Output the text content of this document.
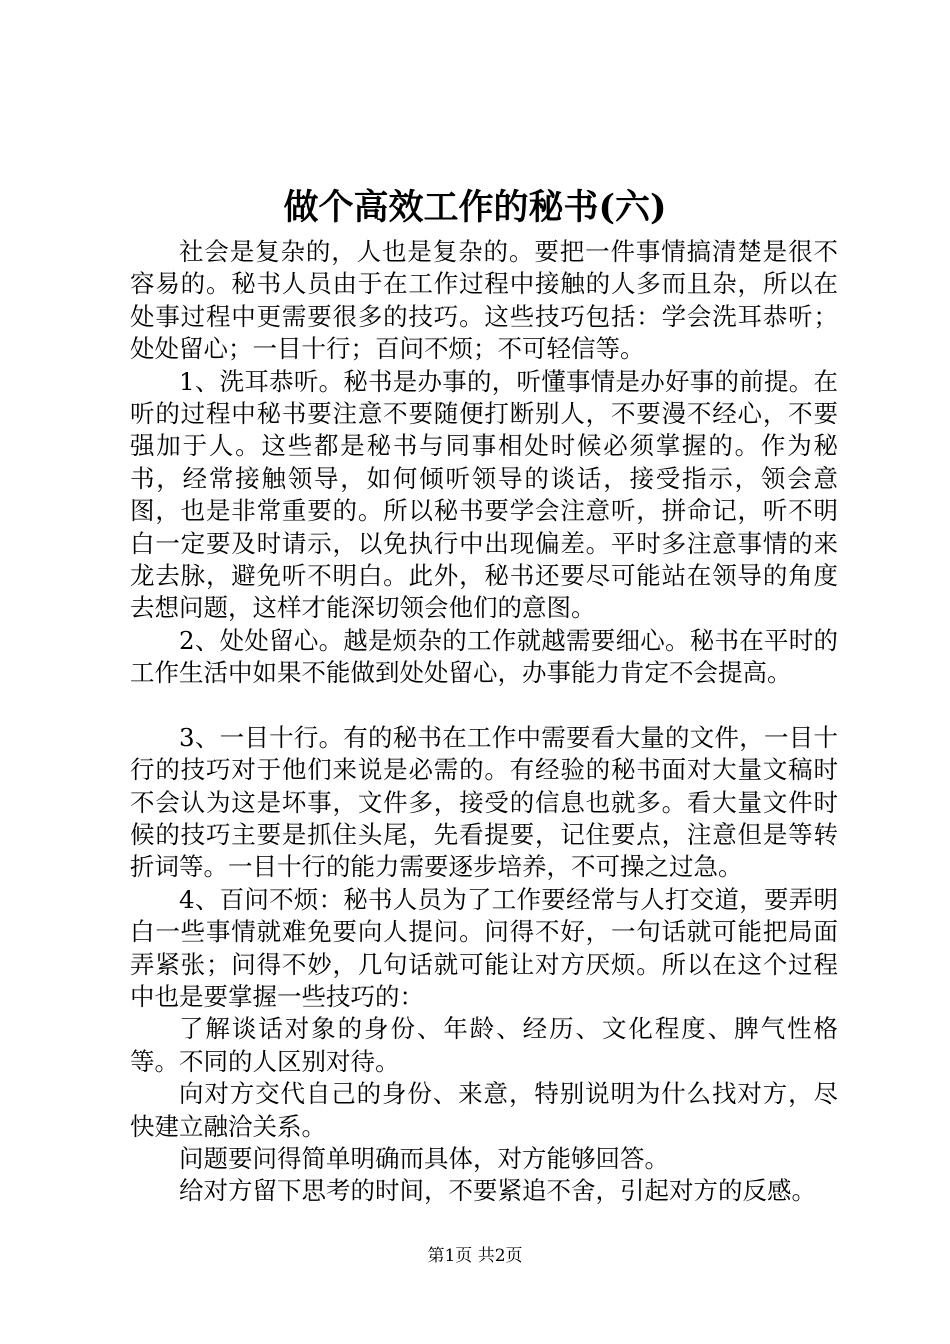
做个高效工作的秘书(六)

社会是复杂的，人也是复杂的。要把一件事情搞清楚是很不容易的。秘书人员由于在工作过程中接触的人多而且杂，所以在处事过程中更需要很多的技巧。这些技巧包括：学会洗耳恭听；处处留心；一目十行；百问不烦；不可轻信等。

1、洗耳恭听。秘书是办事的，听懂事情是办好事的前提。在听的过程中秘书要注意不要随便打断别人，不要漫不经心，不要强加于人。这些都是秘书与同事相处时候必须掌握的。作为秘书，经常接触领导，如何倾听领导的谈话，接受指示，领会意图，也是非常重要的。所以秘书要学会注意听，拼命记，听不明白一定要及时请示，以免执行中出现偏差。平时多注意事情的来龙去脉，避免听不明白。此外，秘书还要尽可能站在领导的角度去想问题，这样才能深切领会他们的意图。

2、处处留心。越是烦杂的工作就越需要细心。秘书在平时的工作生活中如果不能做到处处留心，办事能力肯定不会提高。

3、一目十行。有的秘书在工作中需要看大量的文件，一目十行的技巧对于他们来说是必需的。有经验的秘书面对大量文稿时不会认为这是坏事，文件多，接受的信息也就多。看大量文件时候的技巧主要是抓住头尾，先看提要，记住要点，注意但是等转折词等。一目十行的能力需要逐步培养，不可操之过急。

4、百问不烦：秘书人员为了工作要经常与人打交道，要弄明白一些事情就难免要向人提问。问得不好，一句话就可能把局面弄紧张；问得不妙，几句话就可能让对方厌烦。所以在这个过程中也是要掌握一些技巧的：

了解谈话对象的身份、年龄、经历、文化程度、脾气性格等。不同的人区别对待。

向对方交代自己的身份、来意，特别说明为什么找对方，尽快建立融洽关系。

问题要问得简单明确而具体，对方能够回答。

给对方留下思考的时间，不要紧追不舍，引起对方的反感。

第1页 共2页
